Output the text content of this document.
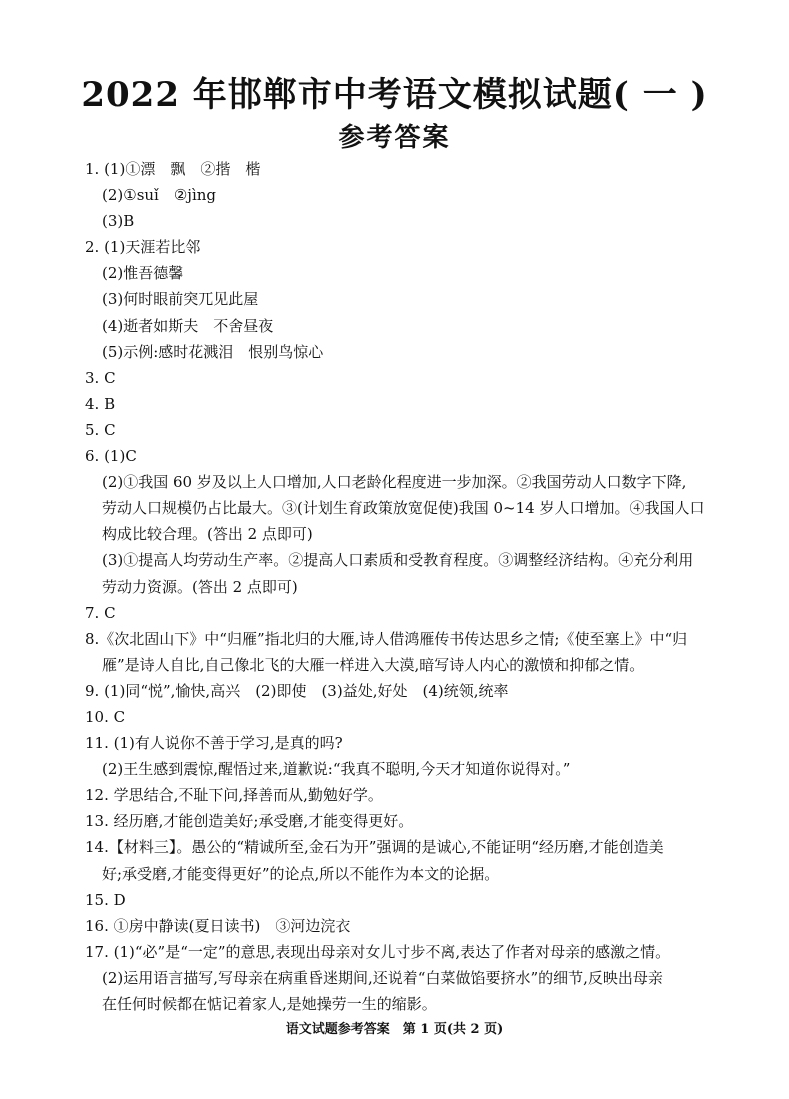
2022 年邯郸市中考语文模拟试题( 一 )
参考答案
1. (1)①漂　飘　②揩　楷
(2)①suǐ　②jìng
(3)B
2. (1)天涯若比邻
(2)惟吾德馨
(3)何时眼前突兀见此屋
(4)逝者如斯夫　不舍昼夜
(5)示例:感时花溅泪　恨别鸟惊心
3. C
4. B
5. C
6. (1)C
(2)①我国 60 岁及以上人口增加,人口老龄化程度进一步加深。②我国劳动人口数字下降,
劳动人口规模仍占比最大。③(计划生育政策放宽促使)我国 0~14 岁人口增加。④我国人口
构成比较合理。(答出 2 点即可)
(3)①提高人均劳动生产率。②提高人口素质和受教育程度。③调整经济结构。④充分利用
劳动力资源。(答出 2 点即可)
7. C
8.《次北固山下》中“归雁”指北归的大雁,诗人借鸿雁传书传达思乡之情;《使至塞上》中“归
雁”是诗人自比,自己像北飞的大雁一样进入大漠,暗写诗人内心的激愤和抑郁之情。
9. (1)同“悦”,愉快,高兴　(2)即使　(3)益处,好处　(4)统领,统率
10. C
11. (1)有人说你不善于学习,是真的吗?
(2)王生感到震惊,醒悟过来,道歉说:“我真不聪明,今天才知道你说得对。”
12. 学思结合,不耻下问,择善而从,勤勉好学。
13. 经历磨,才能创造美好;承受磨,才能变得更好。
14.【材料三】。愚公的“精诚所至,金石为开”强调的是诚心,不能证明“经历磨,才能创造美
好;承受磨,才能变得更好”的论点,所以不能作为本文的论据。
15. D
16. ①房中静读(夏日读书)　③河边浣衣
17. (1)“必”是“一定”的意思,表现出母亲对女儿寸步不离,表达了作者对母亲的感激之情。
(2)运用语言描写,写母亲在病重昏迷期间,还说着“白菜做馅要挤水”的细节,反映出母亲
在任何时候都在惦记着家人,是她操劳一生的缩影。
语文试题参考答案　第 1 页(共 2 页)
